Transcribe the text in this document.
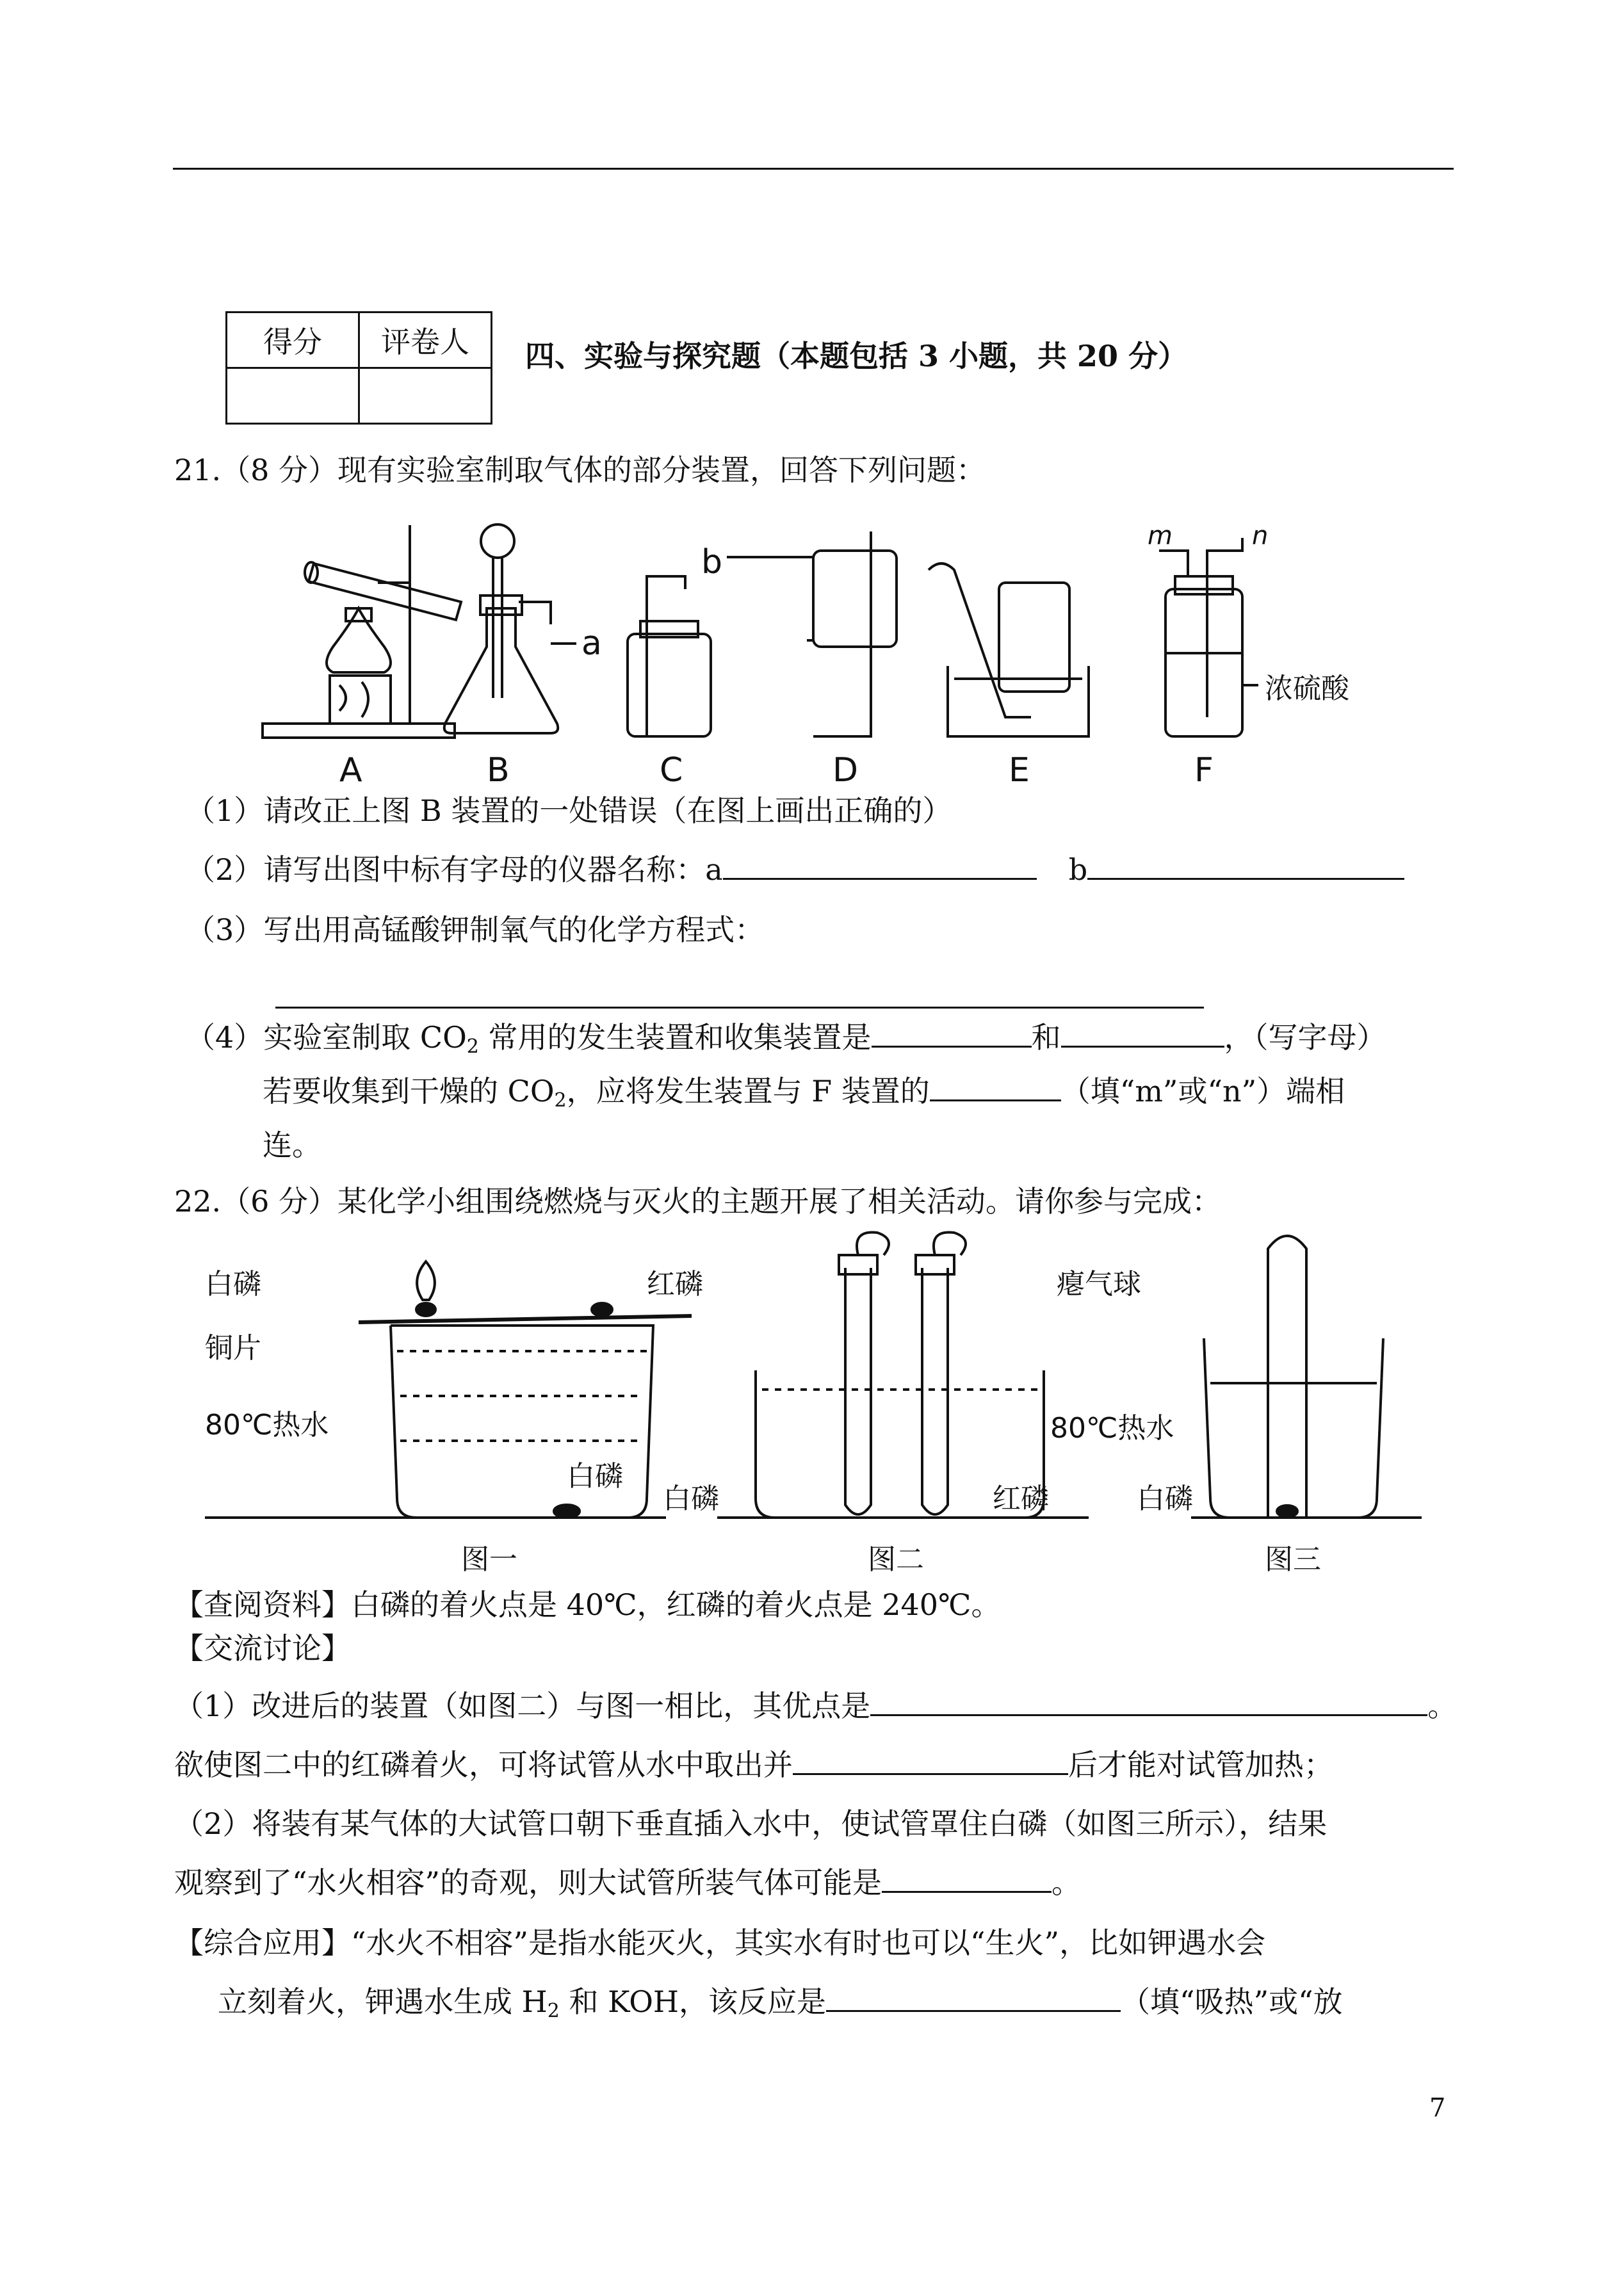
得分	评卷人
	四、实验与探究题（本题包括 3 小题，共 20 分）
21.（8 分）现有实验室制取气体的部分装置，回答下列问题：
A	B	C	D	E	F
a
b
m	n
浓硫酸
（1）请改正上图 B 装置的一处错误（在图上画出正确的）
（2）请写出图中标有字母的仪器名称：a	b
（3）写出用高锰酸钾制氧气的化学方程式：
（4）实验室制取 $CO_2$ 常用的发生装置和收集装置是	和	，（写字母）
若要收集到干燥的 $CO_2$，应将发生装置与 F 装置的	（填“m”或“n”）端相
连。
22.（6 分）某化学小组围绕燃烧与灭火的主题开展了相关活动。请你参与完成：
白磷
铜片
80℃热水
白磷
红磷
图一
瘪气球
80℃热水
白磷	红磷
图二
白磷
图三
【查阅资料】白磷的着火点是 40℃，红磷的着火点是 240℃。
【交流讨论】
（1）改进后的装置（如图二）与图一相比，其优点是	。
欲使图二中的红磷着火，可将试管从水中取出并	后才能对试管加热；
（2）将装有某气体的大试管口朝下垂直插入水中，使试管罩住白磷（如图三所示），结果
观察到了“水火相容”的奇观，则大试管所装气体可能是	。
【综合应用】“水火不相容”是指水能灭火，其实水有时也可以“生火”，比如钾遇水会
立刻着火，钾遇水生成 $H_2$ 和 KOH，该反应是	（填“吸热”或“放
7
